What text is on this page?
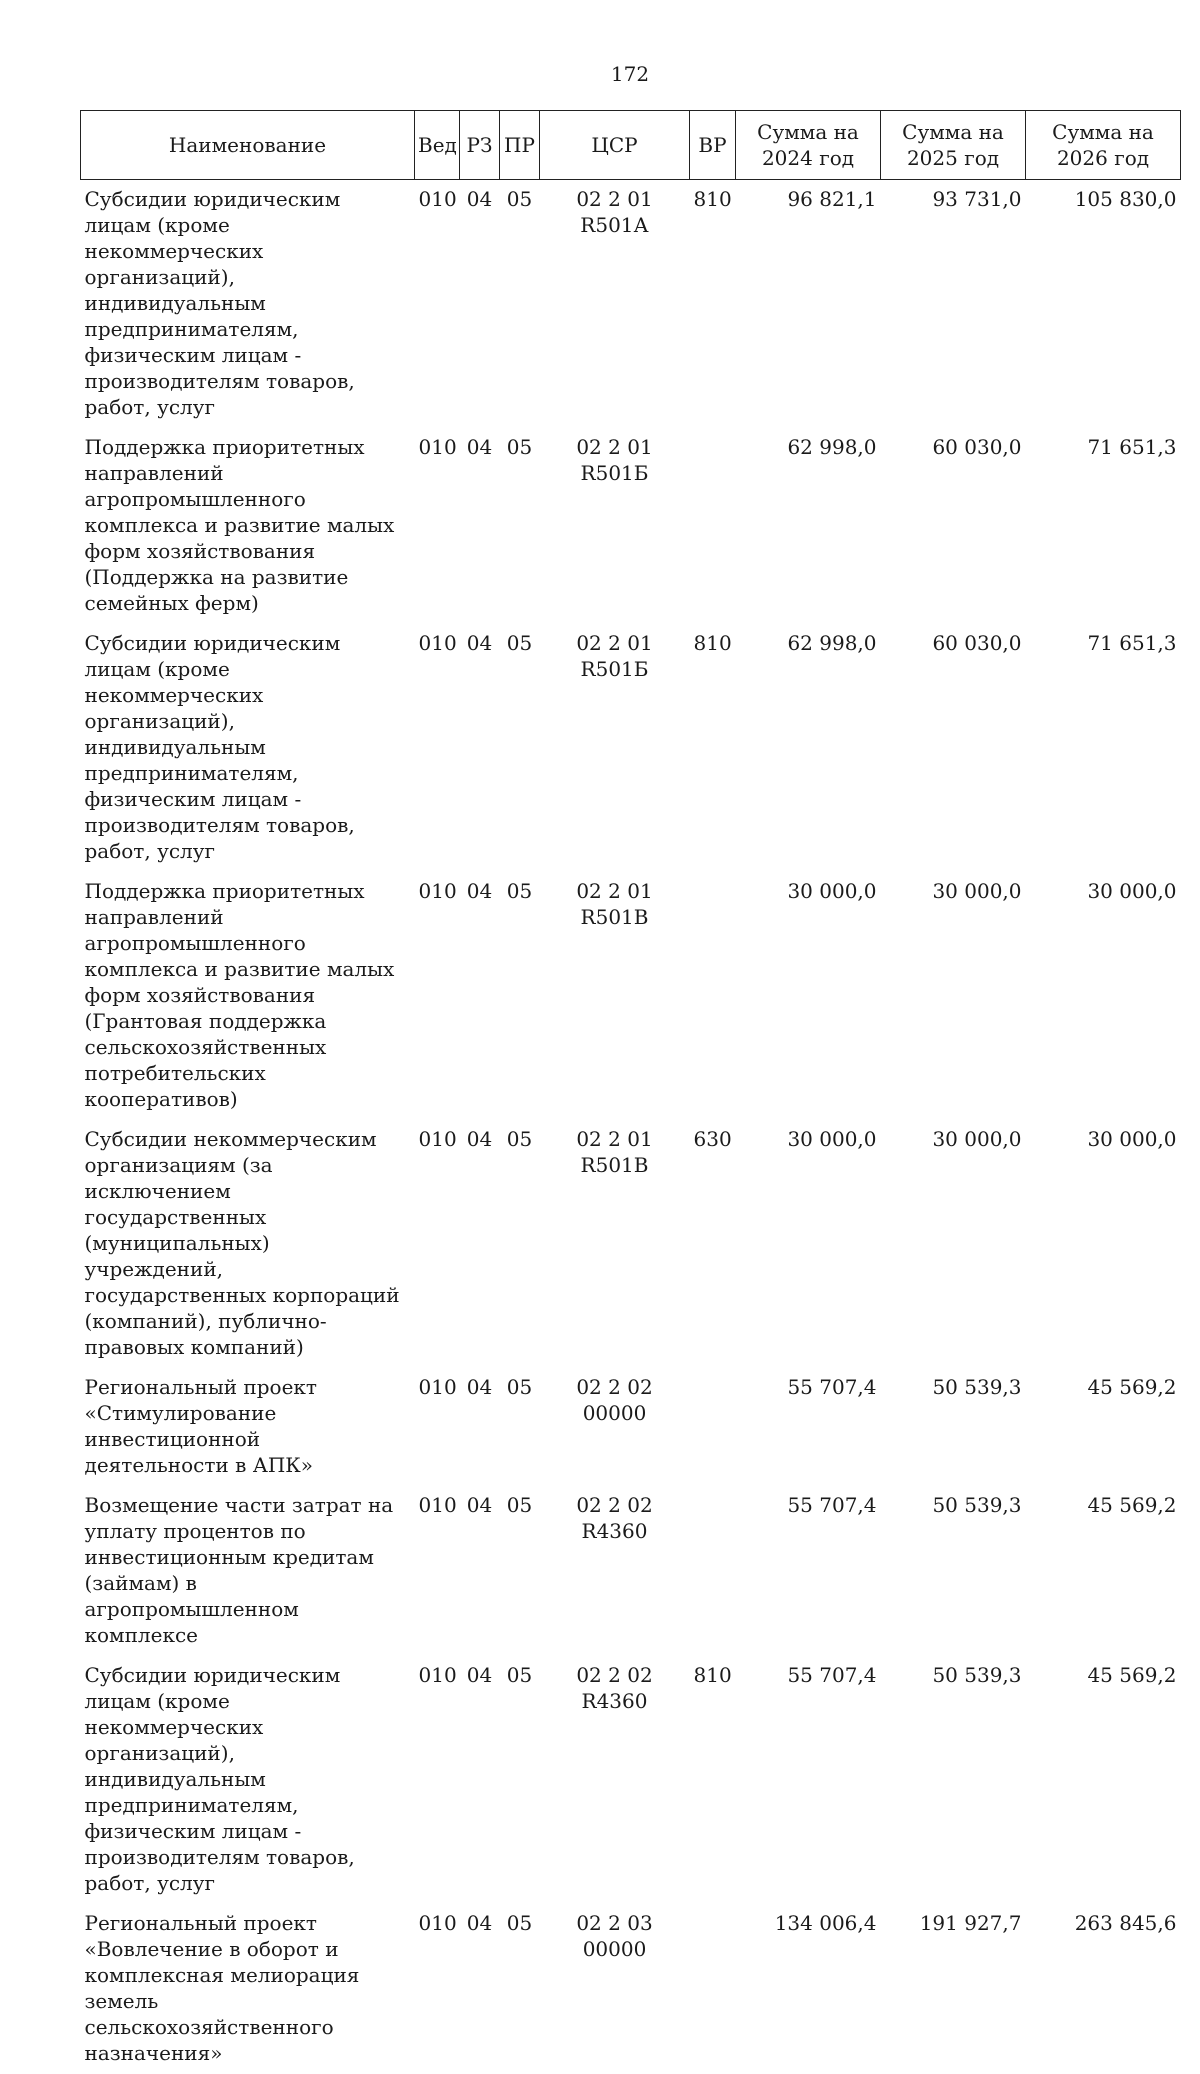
172
Наименование	Вед	РЗ	ПР	ЦСР	ВР	Сумма на 2024 год	Сумма на 2025 год	Сумма на 2026 год
Субсидии юридическим лицам (кроме некоммерческих организаций), индивидуальным предпринимателям, физическим лицам - производителям товаров, работ, услуг	010	04	05	02 2 01 R501А	810	96 821,1	93 731,0	105 830,0
Поддержка приоритетных направлений агропромышленного комплекса и развитие малых форм хозяйствования (Поддержка на развитие семейных ферм)	010	04	05	02 2 01 R501Б		62 998,0	60 030,0	71 651,3
Субсидии юридическим лицам (кроме некоммерческих организаций), индивидуальным предпринимателям, физическим лицам - производителям товаров, работ, услуг	010	04	05	02 2 01 R501Б	810	62 998,0	60 030,0	71 651,3
Поддержка приоритетных направлений агропромышленного комплекса и развитие малых форм хозяйствования (Грантовая поддержка сельскохозяйственных потребительских кооперативов)	010	04	05	02 2 01 R501В		30 000,0	30 000,0	30 000,0
Субсидии некоммерческим организациям (за исключением государственных (муниципальных) учреждений, государственных корпораций (компаний), публично-правовых компаний)	010	04	05	02 2 01 R501В	630	30 000,0	30 000,0	30 000,0
Региональный проект «Стимулирование инвестиционной деятельности в АПК»	010	04	05	02 2 02 00000		55 707,4	50 539,3	45 569,2
Возмещение части затрат на уплату процентов по инвестиционным кредитам (займам) в агропромышленном комплексе	010	04	05	02 2 02 R4360		55 707,4	50 539,3	45 569,2
Субсидии юридическим лицам (кроме некоммерческих организаций), индивидуальным предпринимателям, физическим лицам - производителям товаров, работ, услуг	010	04	05	02 2 02 R4360	810	55 707,4	50 539,3	45 569,2
Региональный проект «Вовлечение в оборот и комплексная мелиорация земель сельскохозяйственного назначения»	010	04	05	02 2 03 00000		134 006,4	191 927,7	263 845,6
